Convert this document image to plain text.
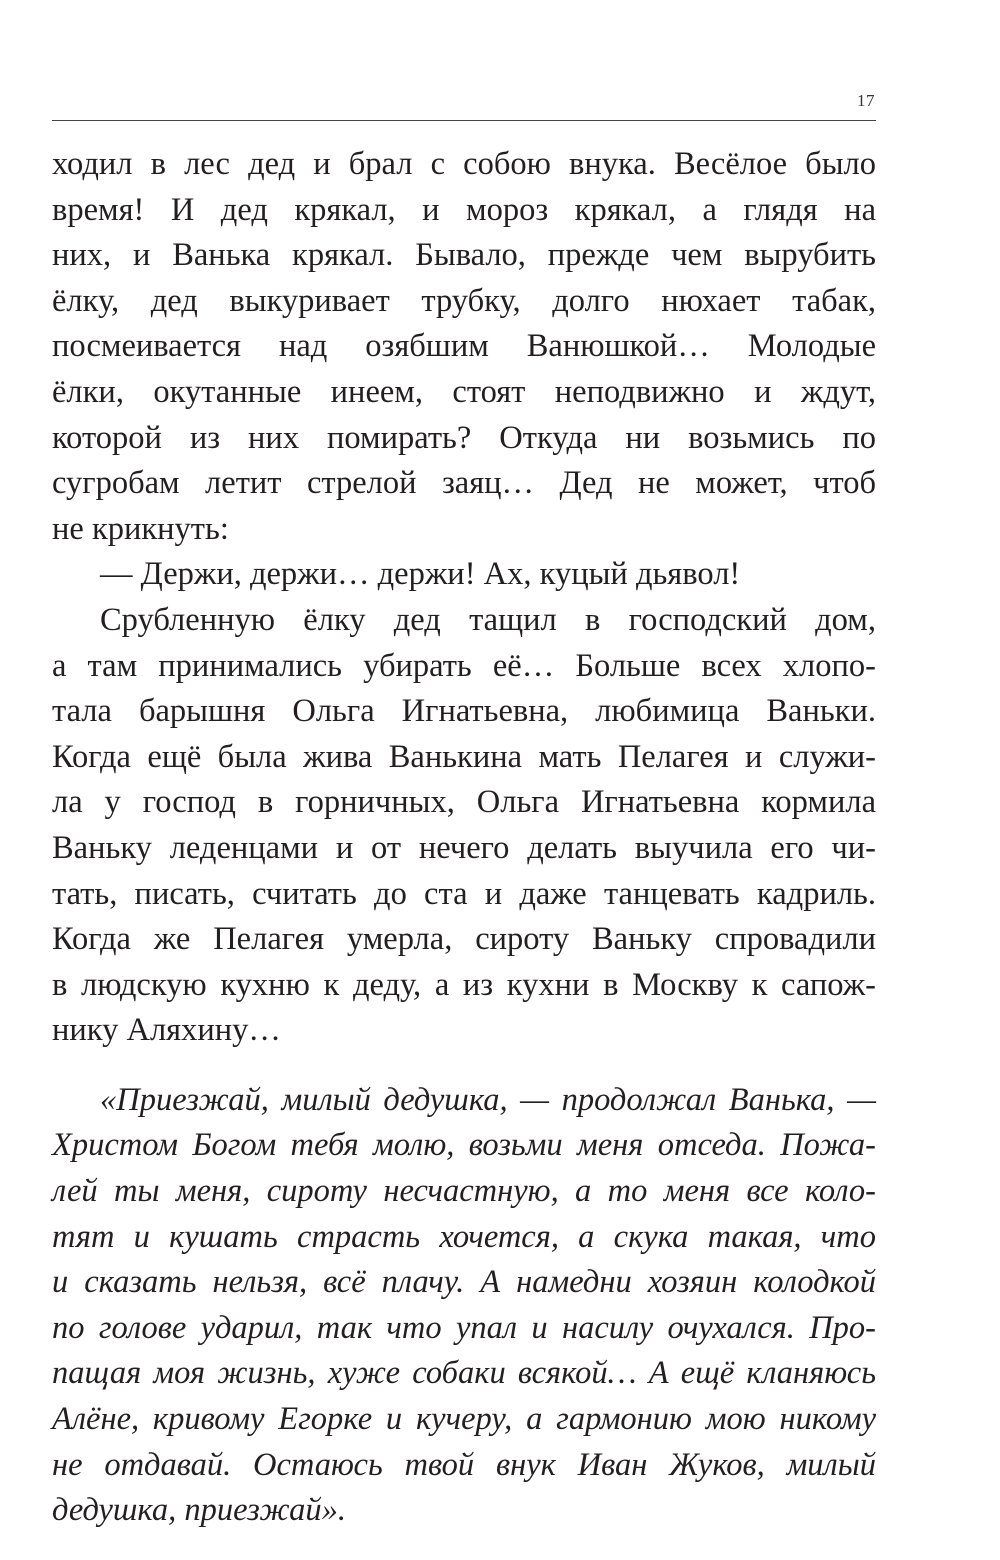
17
ходил в лес дед и брал с собою внука. Весёлое было
время! И дед крякал, и мороз крякал, а глядя на
них, и Ванька крякал. Бывало, прежде чем вырубить
ёлку, дед выкуривает трубку, долго нюхает табак,
посмеивается над озябшим Ванюшкой… Молодые
ёлки, окутанные инеем, стоят неподвижно и ждут,
которой из них помирать? Откуда ни возьмись по
сугробам летит стрелой заяц… Дед не может, чтоб
не крикнуть:
— Держи, держи… держи! Ах, куцый дьявол!
Срубленную ёлку дед тащил в господский дом,
а там принимались убирать её… Больше всех хлопо-
тала барышня Ольга Игнатьевна, любимица Ваньки.
Когда ещё была жива Ванькина мать Пелагея и служи-
ла у господ в горничных, Ольга Игнатьевна кормила
Ваньку леденцами и от нечего делать выучила его чи-
тать, писать, считать до ста и даже танцевать кадриль.
Когда же Пелагея умерла, сироту Ваньку спровадили
в людскую кухню к деду, а из кухни в Москву к сапож-
нику Аляхину…
«Приезжай, милый дедушка, — продолжал Ванька, —
Христом Богом тебя молю, возьми меня отседа. Пожа-
лей ты меня, сироту несчастную, а то меня все коло-
тят и кушать страсть хочется, а скука такая, что
и сказать нельзя, всё плачу. А намедни хозяин колодкой
по голове ударил, так что упал и насилу очухался. Про-
пащая моя жизнь, хуже собаки всякой… А ещё кланяюсь
Алёне, кривому Егорке и кучеру, а гармонию мою никому
не отдавай. Остаюсь твой внук Иван Жуков, милый
дедушка, приезжай».
